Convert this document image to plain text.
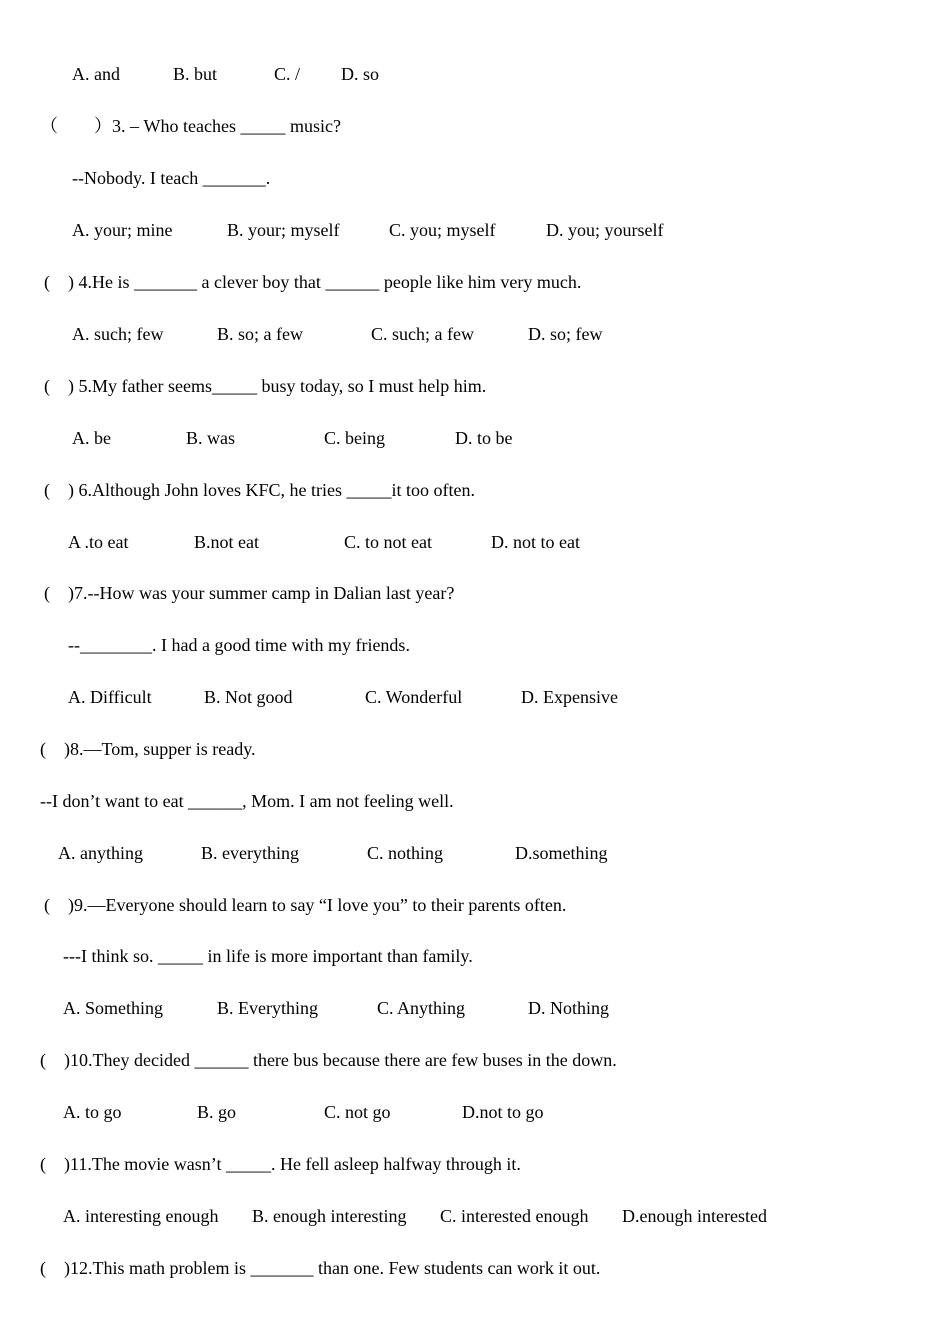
A. and	B. but	C. / D. so
（　　）3. – Who teaches _____ music?
--Nobody. I teach _______.
A. your; mine	B. your; myself	C. you; myself	D. you; yourself
(    ) 4.He is _______ a clever boy that ______ people like him very much.
A. such; few	B. so; a few	C. such; a few	D. so; few
(    ) 5.My father seems_____ busy today, so I must help him.
A. be	B. was	C. being	D. to be
(    ) 6.Although John loves KFC, he tries _____it too often.
A .to eat	B.not eat	C. to not eat	D. not to eat
(    )7.--How was your summer camp in Dalian last year?
--________. I had a good time with my friends.
A. Difficult	B. Not good	C. Wonderful	D. Expensive
(    )8.—Tom, supper is ready.
--I don’t want to eat ______, Mom. I am not feeling well.
A. anything	B. everything	C. nothing	D.something
(    )9.—Everyone should learn to say “I love you” to their parents often.
---I think so. _____ in life is more important than family.
A. Something	B. Everything	C. Anything	D. Nothing
(    )10.They decided ______ there bus because there are few buses in the down.
A. to go	B. go	C. not go	D.not to go
(    )11.The movie wasn’t _____. He fell asleep halfway through it.
A. interesting enough B. enough interesting C. interested enough D.enough interested
(    )12.This math problem is _______ than one. Few students can work it out.
